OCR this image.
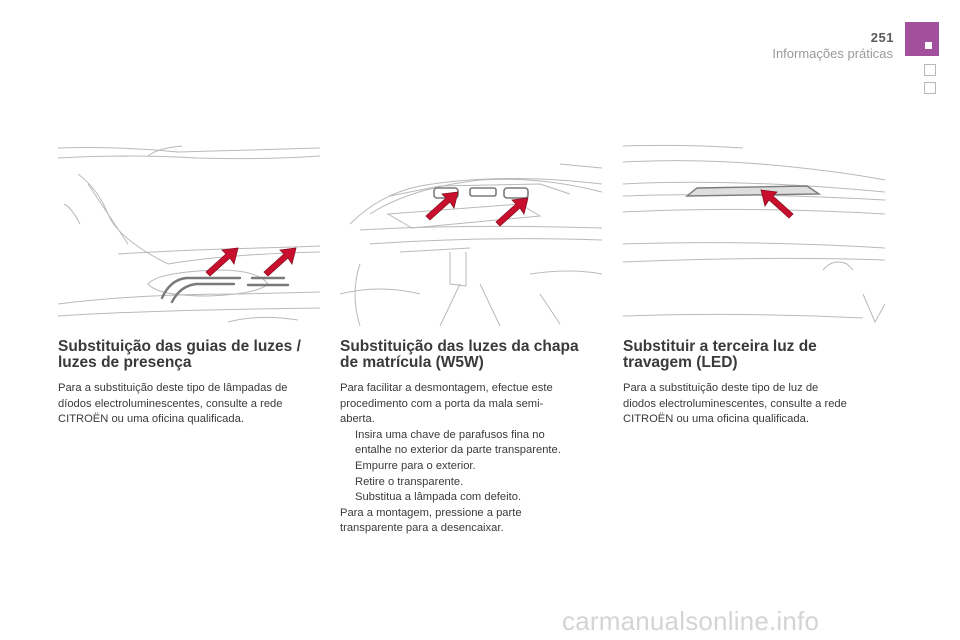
251
Informações práticas
Substituição das guias de luzes /
luzes de presença

Para a substituição deste tipo de lâmpadas de
díodos electroluminescentes, consulte a rede
CITROËN ou uma oficina qualificada.

Substituição das luzes da chapa
de matrícula (W5W)

Para facilitar a desmontagem, efectue este
procedimento com a porta da mala semi-
aberta.

Insira uma chave de parafusos fina no
entalhe no exterior da parte transparente.
Empurre para o exterior.
Retire o transparente.
Substitua a lâmpada com defeito.

Para a montagem, pressione a parte
transparente para a desencaixar.

Substituir a terceira luz de
travagem (LED)

Para a substituição deste tipo de luz de
diodos electroluminescentes, consulte a rede
CITROËN ou uma oficina qualificada.

carmanualsonline.info
